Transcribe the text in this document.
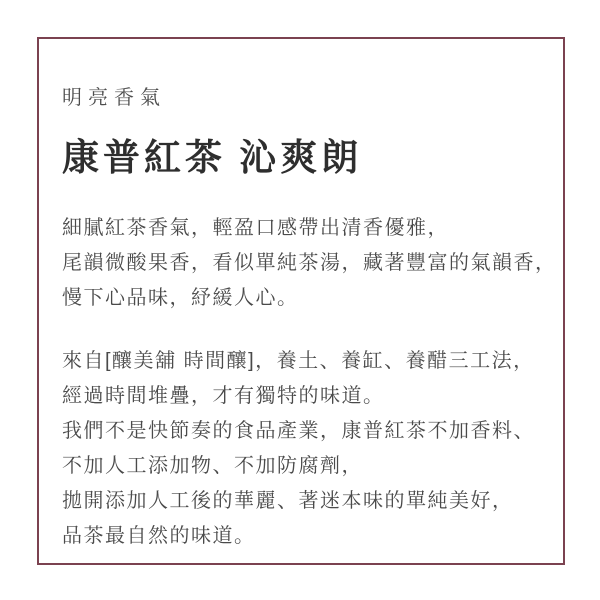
明亮香氣
康普紅茶 沁爽朗
細膩紅茶香氣，輕盈口感帶出清香優雅，
尾韻微酸果香，看似單純茶湯，藏著豐富的氣韻香，
慢下心品味，紓緩人心。
來自[釀美舖 時間釀]，養土、養缸、養醋三工法，
經過時間堆疊，才有獨特的味道。
我們不是快節奏的食品產業，康普紅茶不加香料、
不加人工添加物、不加防腐劑，
拋開添加人工後的華麗、著迷本味的單純美好，
品茶最自然的味道。
